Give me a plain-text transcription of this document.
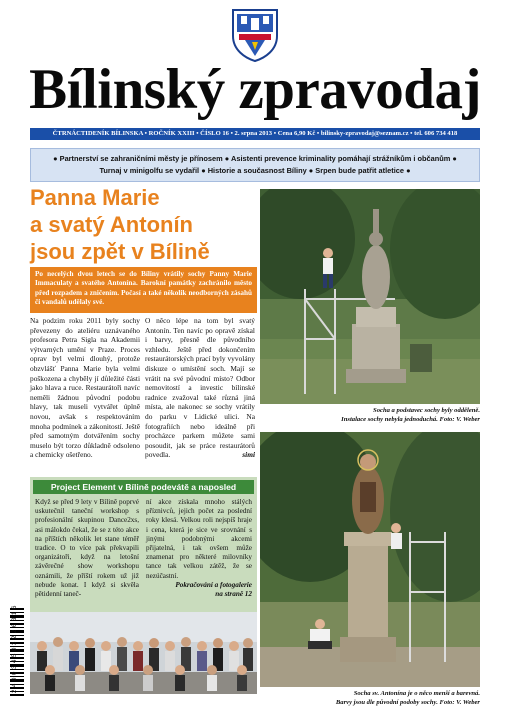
Bílinský zpravodaj
ČTRNÁCTIDENÍK BÍLINSKA • ROČNÍK XXIII • ČÍSLO 16 • 2. srpna 2013 • Cena 6,90 Kč • bilinsky-zpravodaj@seznam.cz • tel. 606 734 418
● Partnerství se zahraničními městy je přínosem ● Asistenti prevence kriminality pomáhají strážníkům i občanům ●
Turnaj v minigolfu se vydařil ● Historie a současnost Bíliny ● Srpen bude patřit atletice ●
Panna Marie
a svatý Antonín
jsou zpět v Bílině
Po necelých dvou letech se do Bíliny vrátily sochy Panny Marie Immaculaty a svatého Antonína. Barokní památky zachránilo město před rozpadem a zničením. Počasí a také několik neodborných zásahů či vandalů udělaly své.
Na podzim roku 2011 byly sochy převezeny do ateliéru uznávaného profesora Petra Sigla na Akademii výtvarných umění v Praze. Proces oprav byl velmi dlouhý, protože obzvlášť Panna Marie byla velmi poškozena a chyběly jí důležité části jako hlava a ruce. Restaurátoři navíc neměli žádnou původní podobu hlavy, tak museli vytvářet úplně novou, avšak s respektováním mnoha podmínek a zákonitostí. Ještě před samotným dotvářením sochy muselo být torzo důkladně odsoleno a chemicky ošetřeno.
O něco lépe na tom byl svatý Antonín. Ten navíc po opravě získal i barvy, přesně dle původního vzhledu. Ještě před dokončením restaurátorských prací byly vyvolány diskuze o umístění soch. Mají se vrátit na své původní místo? Odbor nemovitostí a investic bílinské radnice zvažoval také různá jiná místa, ale nakonec se sochy vrátily do parku v Lidické ulici. Na fotografiích nebo ideálně při procházce parkem můžete sami posoudit, jak se práce restaurátorů povedla.	simi
Socha a podstavec sochy byly odděleně.
Instalace sochy nebyla jednoduchá. Foto: V. Weber
Socha sv. Antonína je o něco menší a barevná.
Barvy jsou dle původní podoby sochy. Foto: V. Weber
Project Element v Bílině podevátě a naposled
Když se před 9 lety v Bílině poprvé uskutečnil taneční workshop s profesionální skupinou Dance2xs, asi málokdo čekal, že se z této akce na příštích několik let stane téměř tradice. O to více pak překvapili organizátoři, když na letošní závěrečné show workshopu oznámili, že příští rokem už již nebude konat. I když si skvěla pětidenní taneč-
ní akce získala mnoho stálých příznivců, jejich počet za poslední roky klesá. Velkou roli nejspíš hraje i cena, která je sice ve srovnání s jinými podobnými akcemi přijatelná, i tak ovšem může znamenat pro některé milovníky tance tak velkou zátěž, že se nezúčastní.
Pokračování a fotogalerie
na straně 12
2 4 0 0 3 4 5 0 3 2 2 6 3 1 6
